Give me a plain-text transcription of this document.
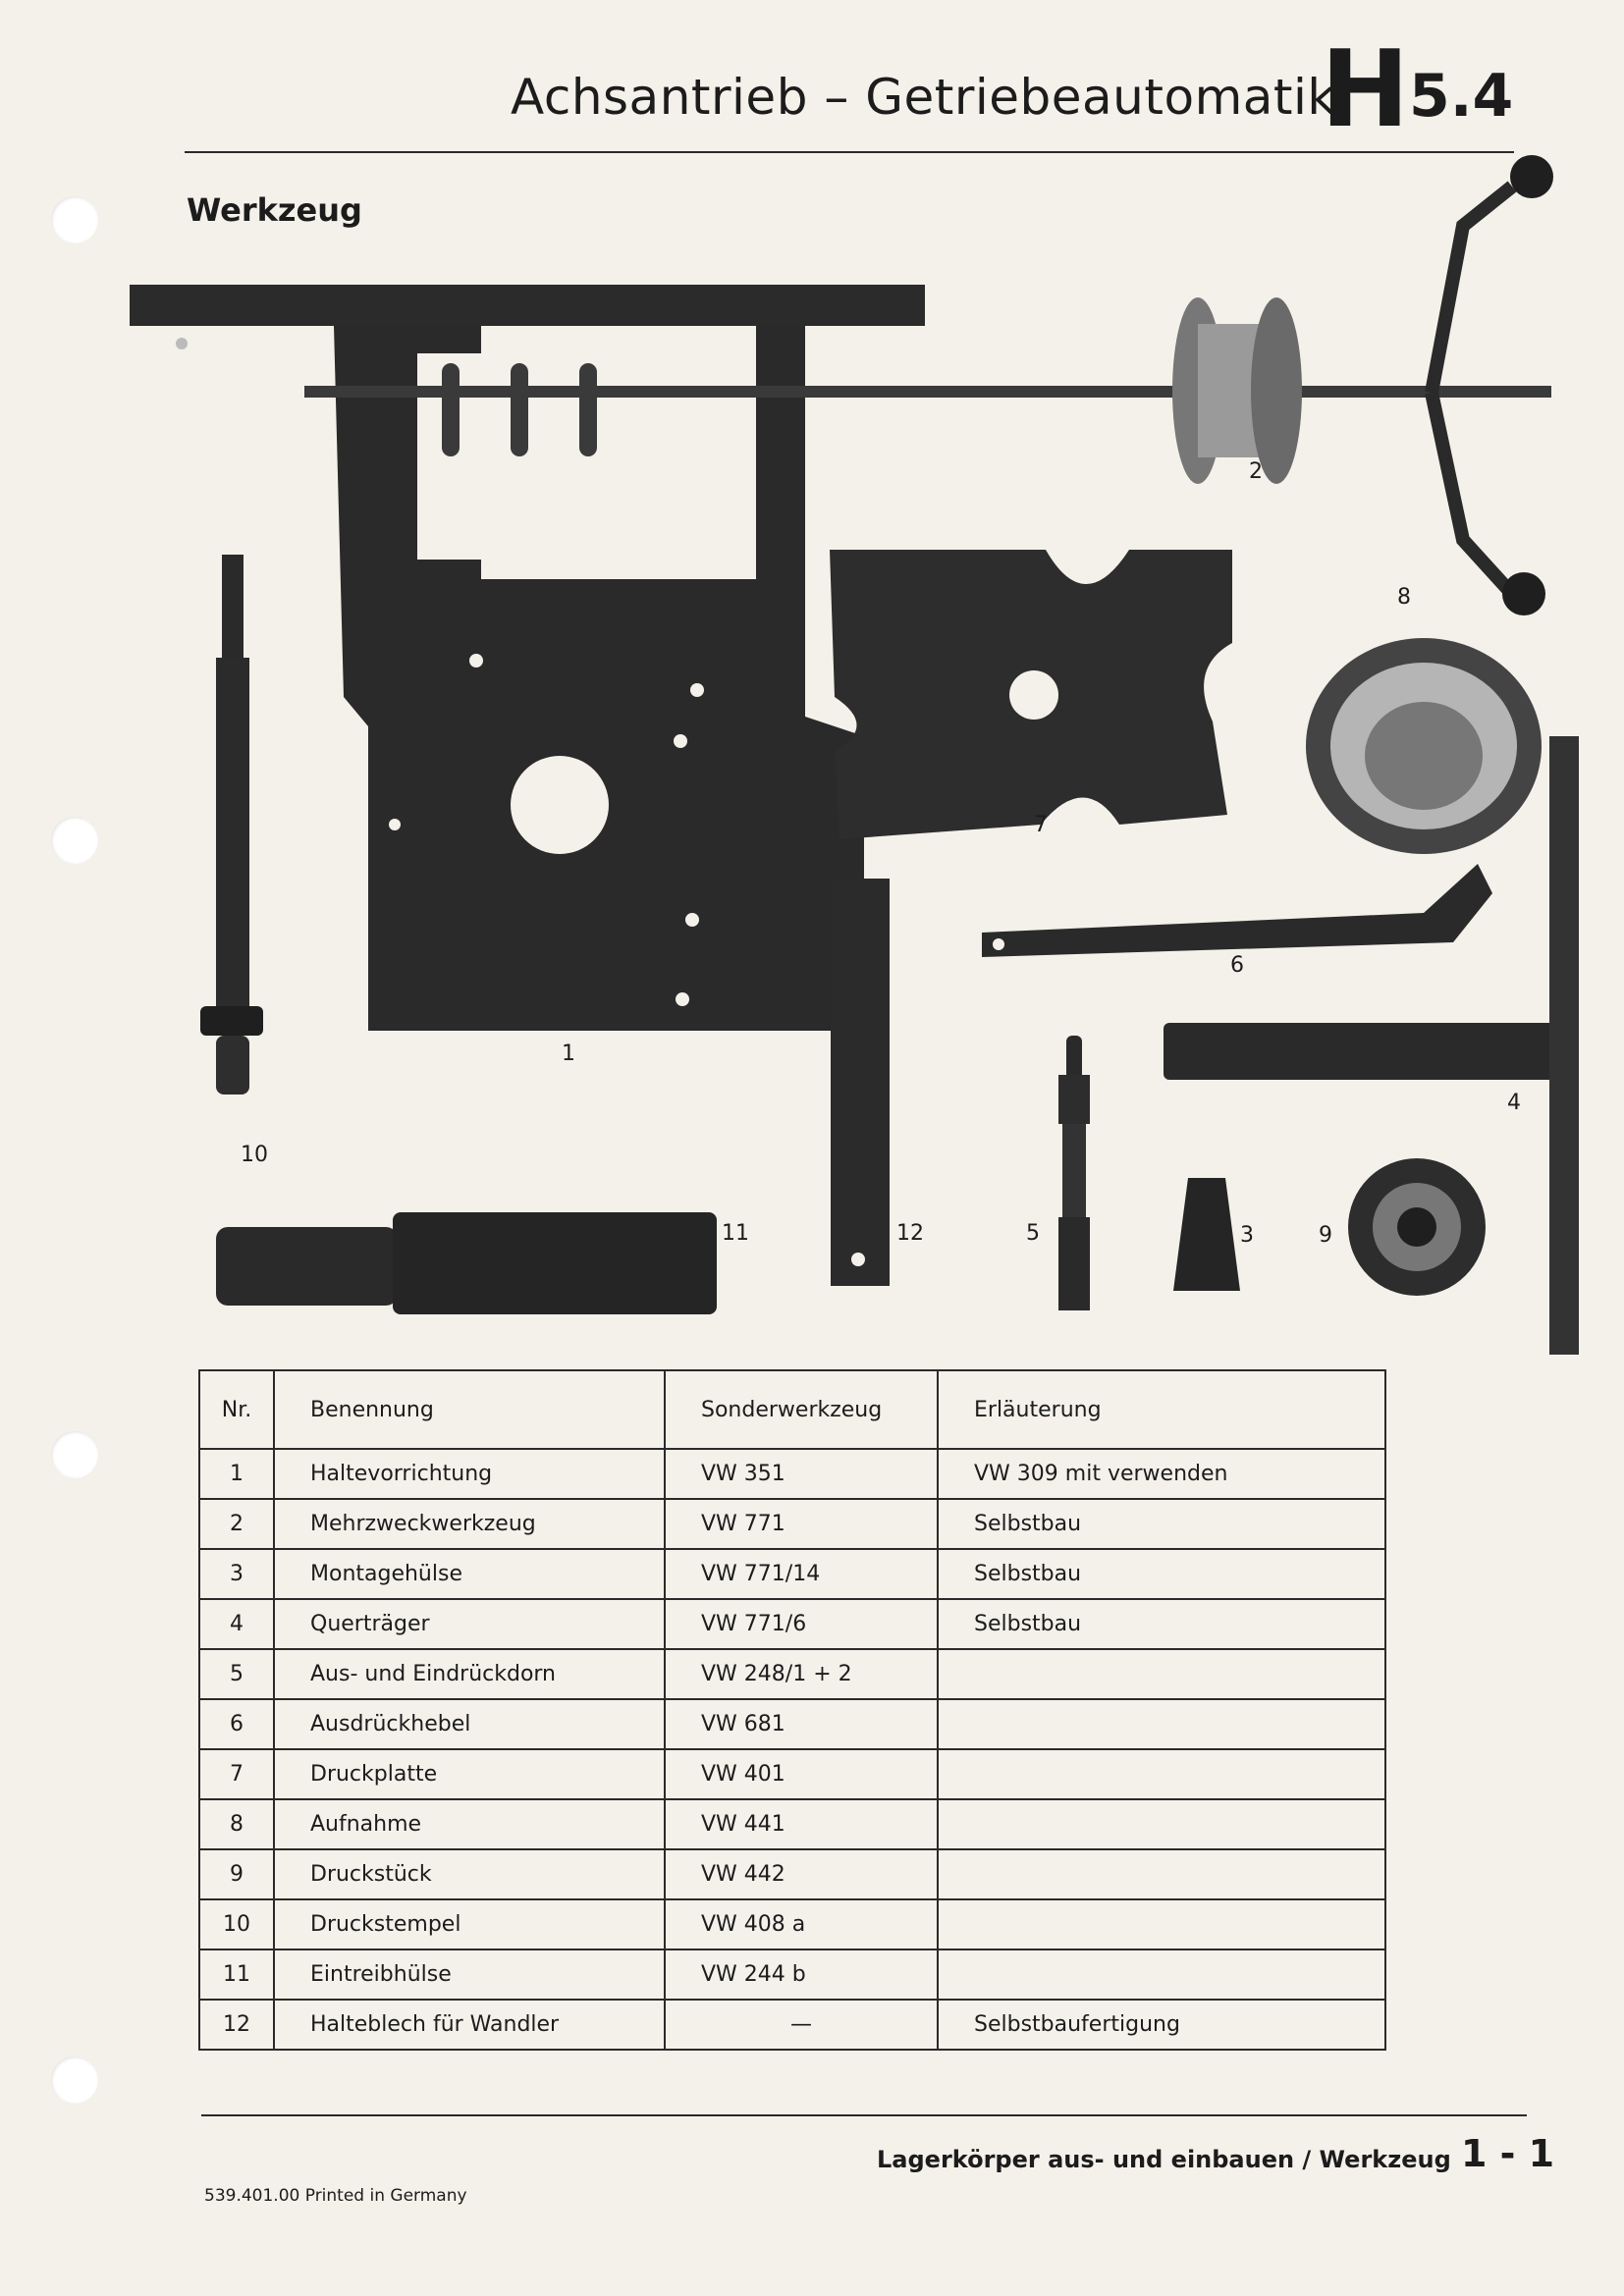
Achsantrieb – Getriebeautomatik
H 5.4
Werkzeug
1
2
3
4
5
6
7
8
9
10
11	12
Nr.	Benennung	Sonderwerkzeug	Erläuterung
1	Haltevorrichtung	VW 351	VW 309 mit verwenden
2	Mehrzweckwerkzeug	VW 771	Selbstbau
3	Montagehülse	VW 771/14	Selbstbau
4	Querträger	VW 771/6	Selbstbau
5	Aus- und Eindrückdorn	VW 248/1 + 2	
6	Ausdrückhebel	VW 681	
7	Druckplatte	VW 401	
8	Aufnahme	VW 441	
9	Druckstück	VW 442	
10	Druckstempel	VW 408 a	
11	Eintreibhülse	VW 244 b	
12	Halteblech für Wandler	—	Selbstbaufertigung
Lagerkörper aus- und einbauen / Werkzeug 1 - 1
539.401.00 Printed in Germany
